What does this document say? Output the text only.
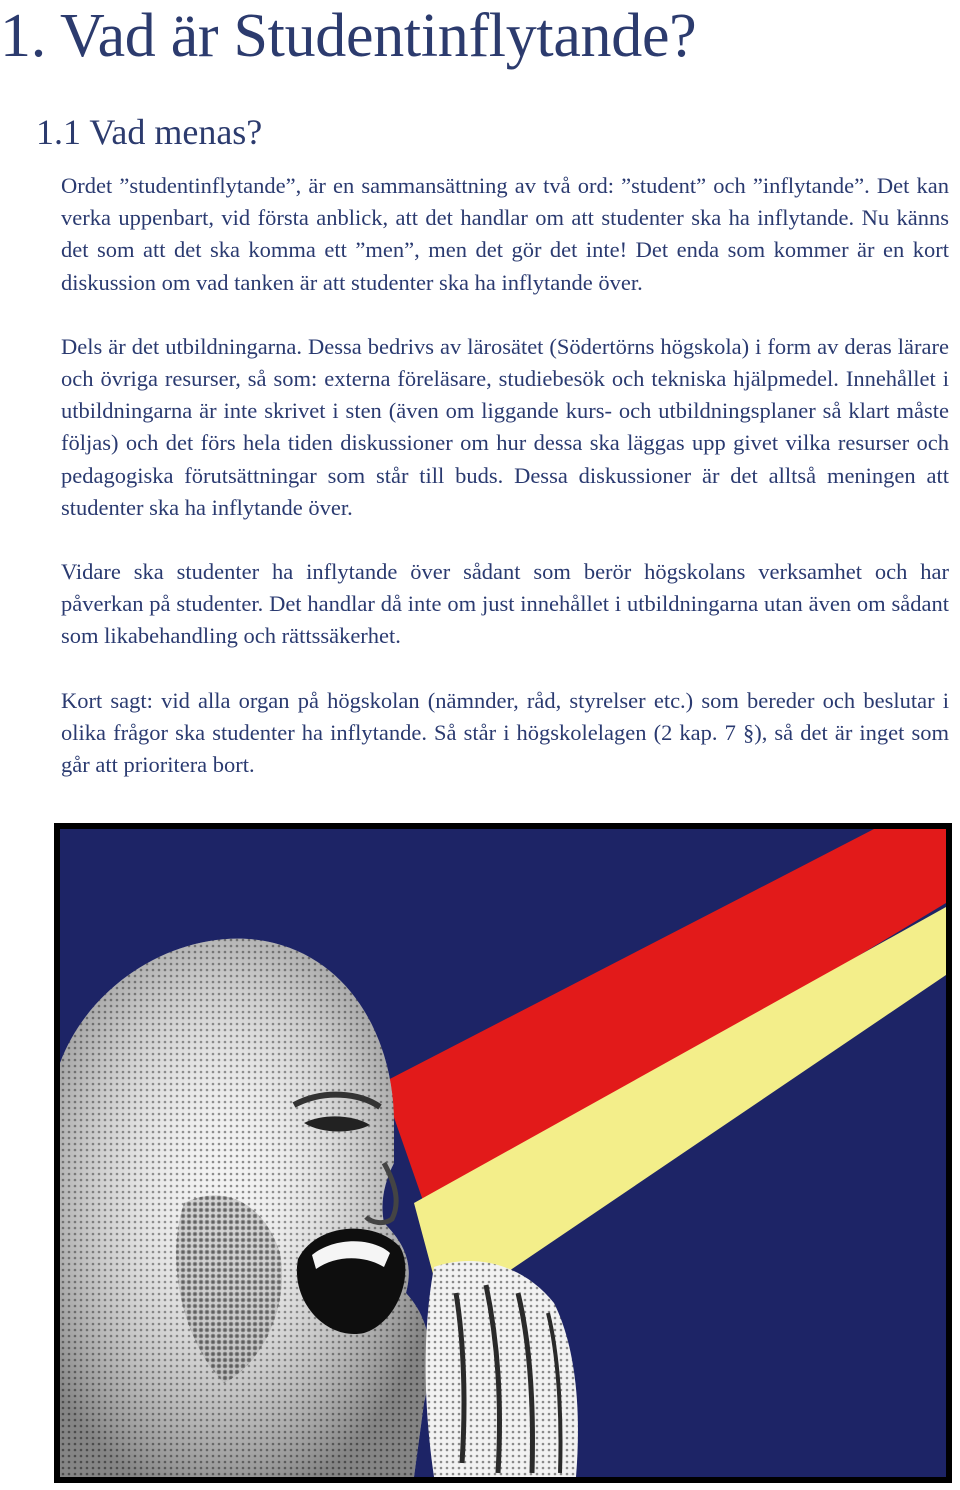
1. Vad är Studentinflytande?
1.1 Vad menas?

Ordet ”studentinflytande”, är en sammansättning av två ord: ”student” och ”inflytande”. Det kan verka uppenbart, vid första anblick, att det handlar om att studenter ska ha inflytande. Nu känns det som att det ska komma ett ”men”, men det gör det inte! Det enda som kommer är en kort diskussion om vad tanken är att studenter ska ha inflytande över.

Dels är det utbildningarna. Dessa bedrivs av lärosätet (Södertörns högskola) i form av deras lärare och övriga resurser, så som: externa föreläsare, studiebesök och tekniska hjälpmedel. Innehållet i utbildningarna är inte skrivet i sten (även om liggande kurs- och utbildningsplaner så klart måste följas) och det förs hela tiden diskussioner om hur dessa ska läggas upp givet vilka resurser och pedagogiska förutsättningar som står till buds. Dessa diskussioner är det alltså meningen att studenter ska ha inflytande över.

Vidare ska studenter ha inflytande över sådant som berör högskolans verksamhet och har påverkan på studenter. Det handlar då inte om just innehållet i utbildningarna utan även om sådant som likabehandling och rättssäkerhet.

Kort sagt: vid alla organ på högskolan (nämnder, råd, styrelser etc.) som bereder och beslutar i olika frågor ska studenter ha inflytande. Så står i högskolelagen (2 kap. 7 §), så det är inget som går att prioritera bort.
